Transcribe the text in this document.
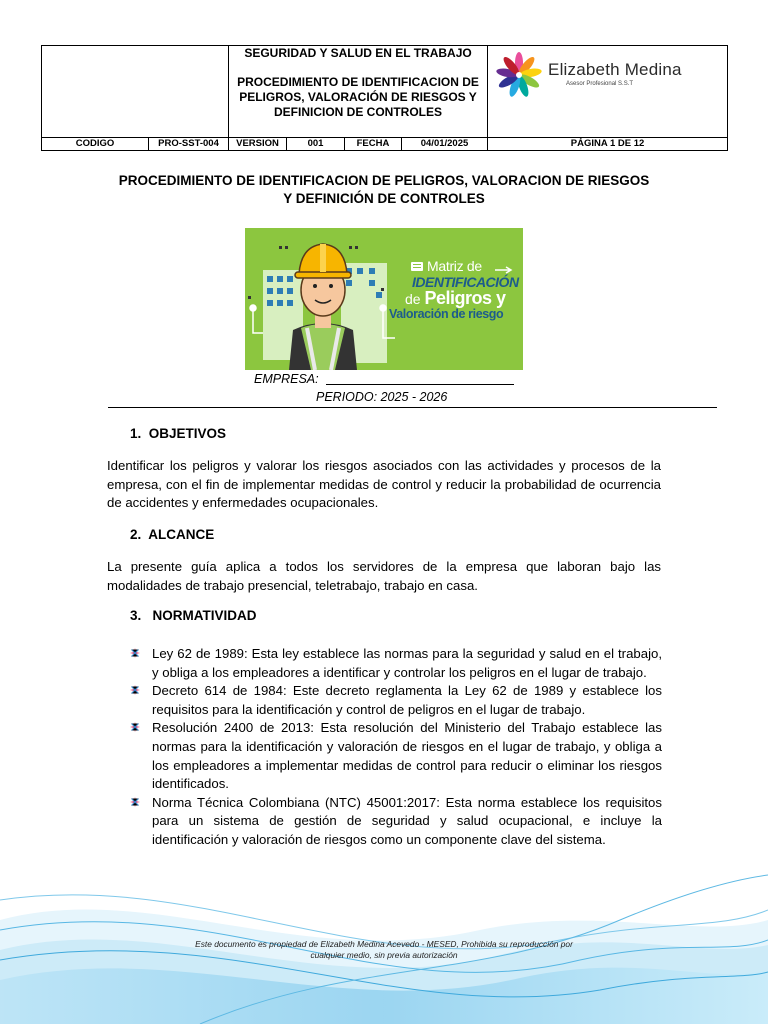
		SEGURIDAD Y SALUD EN EL TRABAJO
PROCEDIMIENTO DE IDENTIFICACION DE PELIGROS, VALORACIÓN DE RIESGOS Y DEFINICION DE CONTROLES				Elizabeth Medina
Asesor Profesional S.S.T

CODIGO	PRO-SST-004	VERSION	001	FECHA	04/01/2025	PÁGINA 1 DE 12
PROCEDIMIENTO DE IDENTIFICACION DE PELIGROS, VALORACION DE RIESGOS
Y DEFINICIÓN DE CONTROLES
Matriz de
IDENTIFICACIÓN
de Peligros y
Valoración de riesgo
EMPRESA:
PERIODO: 2025 - 2026
1. OBJETIVOS
Identificar los peligros y valorar los riesgos asociados con las actividades y procesos de la empresa, con el fin de implementar medidas de control y reducir la probabilidad de ocurrencia de accidentes y enfermedades ocupacionales.
2. ALCANCE
La presente guía aplica a todos los servidores de la empresa que laboran bajo las modalidades de trabajo presencial, teletrabajo, trabajo en casa.
3. NORMATIVIDAD
Ley 62 de 1989: Esta ley establece las normas para la seguridad y salud en el trabajo, y obliga a los empleadores a identificar y controlar los peligros en el lugar de trabajo.
Decreto 614 de 1984: Este decreto reglamenta la Ley 62 de 1989 y establece los requisitos para la identificación y control de peligros en el lugar de trabajo.
Resolución 2400 de 2013: Esta resolución del Ministerio del Trabajo establece las normas para la identificación y valoración de riesgos en el lugar de trabajo, y obliga a los empleadores a implementar medidas de control para reducir o eliminar los riesgos identificados.
Norma Técnica Colombiana (NTC) 45001:2017: Esta norma establece los requisitos para un sistema de gestión de seguridad y salud ocupacional, e incluye la identificación y valoración de riesgos como un componente clave del sistema.
Este documento es propiedad de Elizabeth Medina Acevedo - MESED, Prohibida su reproducción por
cualquier medio, sin previa autorización
